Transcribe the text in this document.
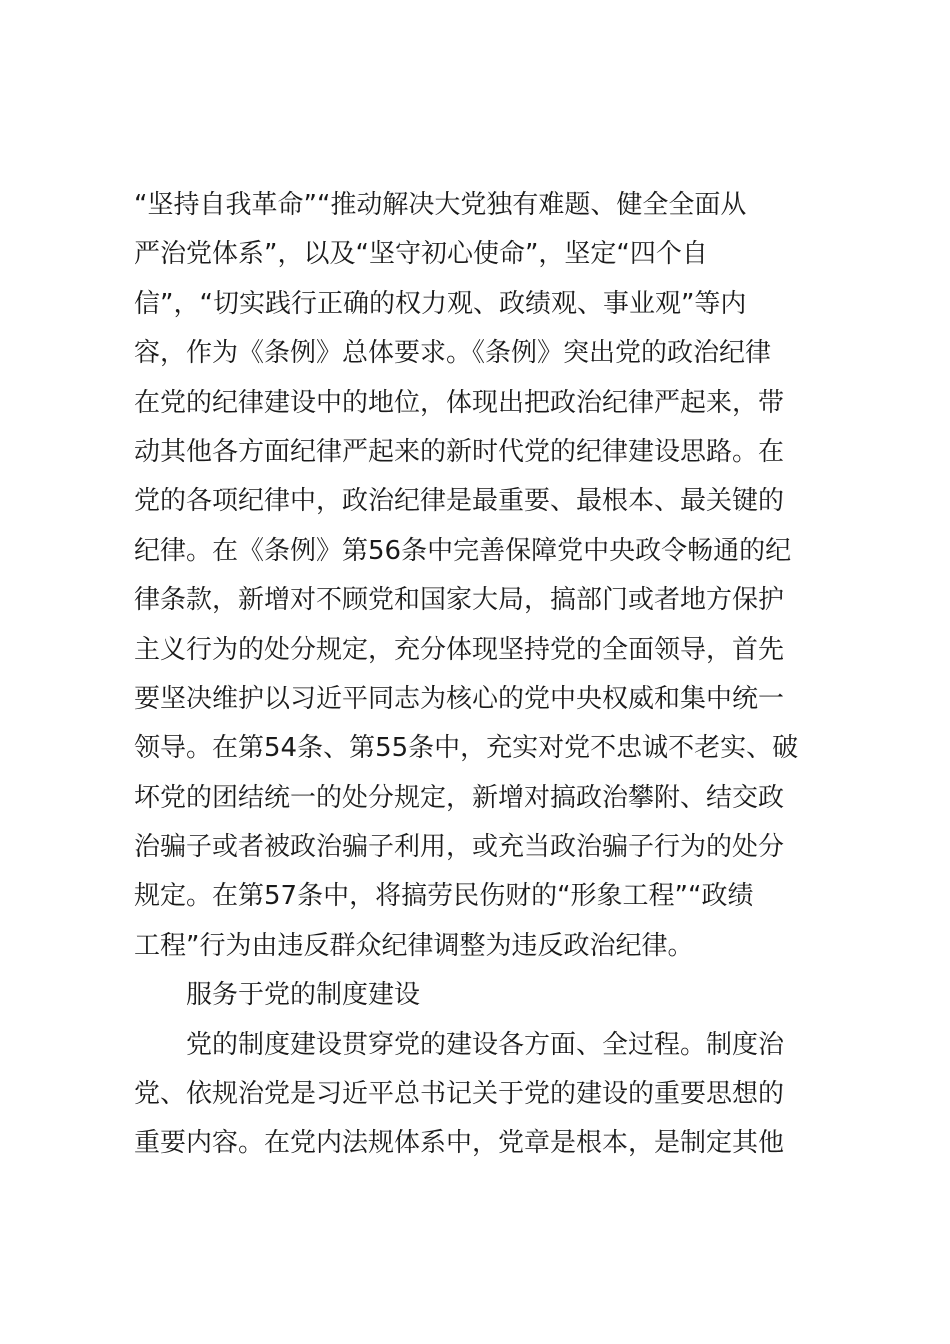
“坚持自我革命”“推动解决大党独有难题、健全全面从
严治党体系”，以及“坚守初心使命”，坚定“四个自
信”，“切实践行正确的权力观、政绩观、事业观”等内
容，作为《条例》总体要求。《条例》突出党的政治纪律
在党的纪律建设中的地位，体现出把政治纪律严起来，带
动其他各方面纪律严起来的新时代党的纪律建设思路。在
党的各项纪律中，政治纪律是最重要、最根本、最关键的
纪律。在《条例》第56条中完善保障党中央政令畅通的纪
律条款，新增对不顾党和国家大局，搞部门或者地方保护
主义行为的处分规定，充分体现坚持党的全面领导，首先
要坚决维护以习近平同志为核心的党中央权威和集中统一
领导。在第54条、第55条中，充实对党不忠诚不老实、破
坏党的团结统一的处分规定，新增对搞政治攀附、结交政
治骗子或者被政治骗子利用，或充当政治骗子行为的处分
规定。在第57条中，将搞劳民伤财的“形象工程”“政绩
工程”行为由违反群众纪律调整为违反政治纪律。
服务于党的制度建设
党的制度建设贯穿党的建设各方面、全过程。制度治
党、依规治党是习近平总书记关于党的建设的重要思想的
重要内容。在党内法规体系中，党章是根本，是制定其他
